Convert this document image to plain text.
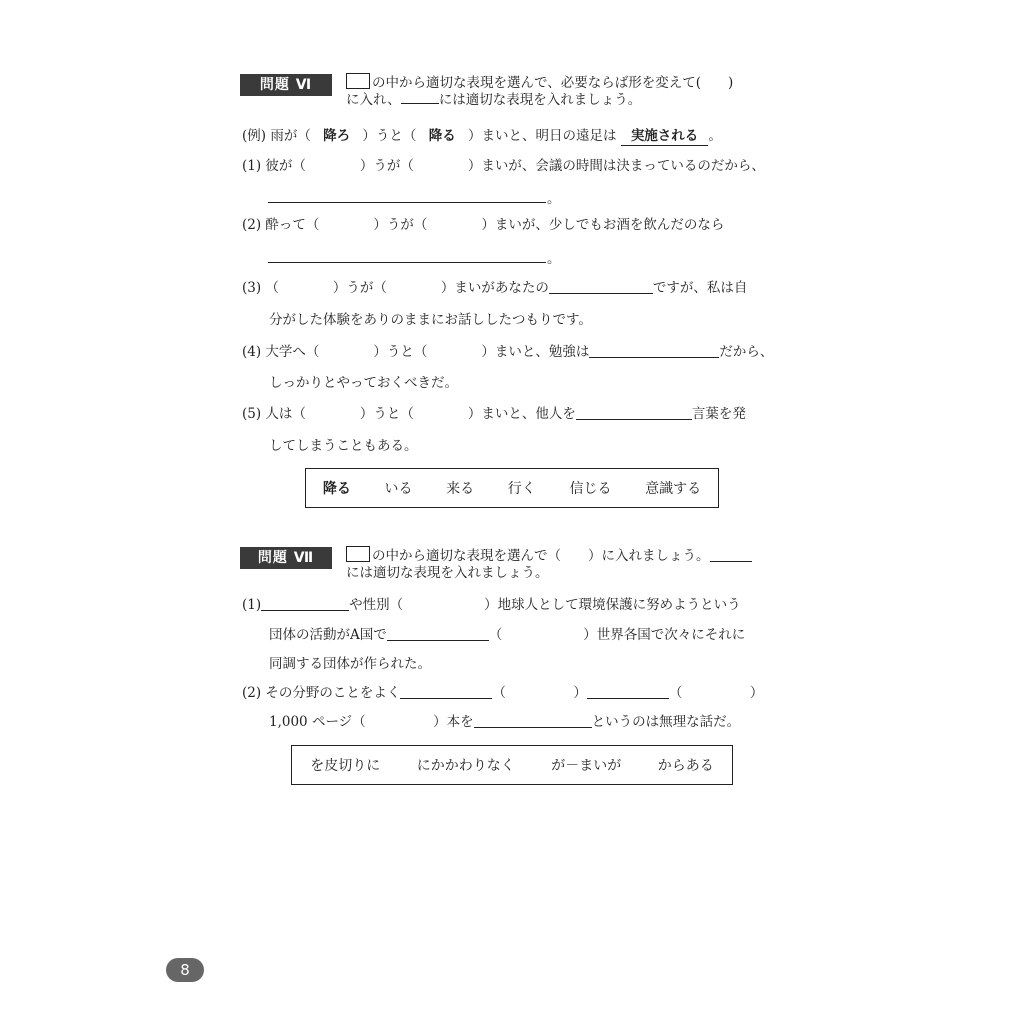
問題 Ⅵ	の中から適切な表現を選んで、必要ならば形を変えて(　　)
に入れ、	には適切な表現を入れましょう。
(例) 雨が（ 降ろ ）うと（ 降る ）まいと、明日の遠足は 実施される 。
(1) 彼が（　　　　）うが（　　　　）まいが、会議の時間は決まっているのだから、
。
(2) 酔って（　　　　）うが（　　　　）まいが、少しでもお酒を飲んだのなら
。
(3) （　　　　）うが（　　　　）まいがあなたの	ですが、私は自
分がした体験をありのままにお話ししたつもりです。
(4) 大学へ（　　　　）うと（　　　　）まいと、勉強は	だから、
しっかりとやっておくべきだ。
(5) 人は（　　　　）うと（　　　　）まいと、他人を	言葉を発
してしまうこともある。
降る いる 来る 行く 信じる 意識する
問題 Ⅶ	の中から適切な表現を選んで（　　）に入れましょう。
には適切な表現を入れましょう。
(1)	や性別（　　　　　　）地球人として環境保護に努めようという
団体の活動がA国で	（　　　　　　）世界各国で次々にそれに
同調する団体が作られた。
(2) その分野のことをよく	（　　　　　）	（　　　　　）
1,000 ページ（　　　　　）本を	というのは無理な話だ。
を皮切りに	にかかわりなく	が－まいが	からある
8
